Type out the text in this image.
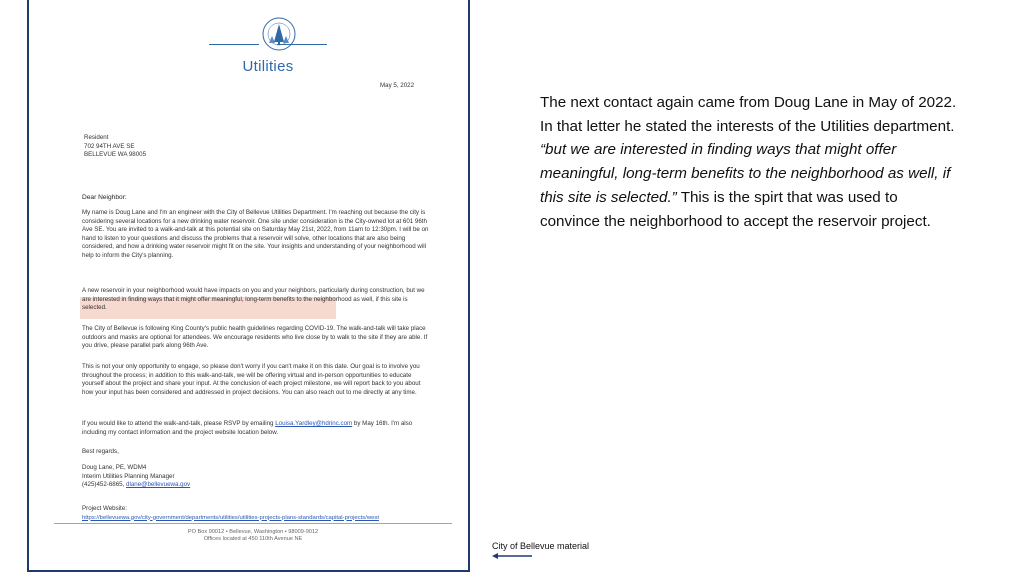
Utilities
May 5, 2022
Resident
702 94TH AVE SE
BELLEVUE WA 98005
Dear Neighbor:
My name is Doug Lane and I'm an engineer with the City of Bellevue Utilities Department. I'm reaching out because the city is considering several locations for a new drinking water reservoir. One site under consideration is the City-owned lot at 601 96th Ave SE. You are invited to a walk-and-talk at this potential site on Saturday May 21st, 2022, from 11am to 12:30pm. I will be on hand to listen to your questions and discuss the problems that a reservoir will solve, other locations that are also being considered, and how a drinking water reservoir might fit on the site. Your insights and understanding of your neighborhood will help to inform the City's planning.
A new reservoir in your neighborhood would have impacts on you and your neighbors, particularly during construction, but we are interested in finding ways that it might offer meaningful, long-term benefits to the neighborhood as well, if this site is selected.
The City of Bellevue is following King County's public health guidelines regarding COVID-19. The walk-and-talk will take place outdoors and masks are optional for attendees. We encourage residents who live close by to walk to the site if they are able. If you drive, please parallel park along 96th Ave.
This is not your only opportunity to engage, so please don't worry if you can't make it on this date. Our goal is to involve you throughout the process; in addition to this walk-and-talk, we will be offering virtual and in-person opportunities to educate yourself about the project and share your input. At the conclusion of each project milestone, we will report back to you about how your input has been considered and addressed in project decisions. You can also reach out to me directly at any time.
If you would like to attend the walk-and-talk, please RSVP by emailing Louisa.Yardley@hdrinc.com by May 16th. I'm also including my contact information and the project website location below.
Best regards,
Doug Lane, PE, WDM4
Interim Utilities Planning Manager
(425)452-6865, dlane@bellevuewa.gov
Project Website:
https://bellevuewa.gov/city-government/departments/utilities/utilities-projects-plans-standards/capital-projects/west
PO Box 90012 • Bellevue, Washington • 98009-9012
Offices located at 450 110th Avenue NE
The next contact again came from Doug Lane in May of 2022. In that letter he stated the interests of the Utilities department. “but we are interested in finding ways that might offer meaningful, long-term benefits to the neighborhood as well, if this site is selected.” This is the spirt that was used to convince the neighborhood to accept the reservoir project.
City of Bellevue material
